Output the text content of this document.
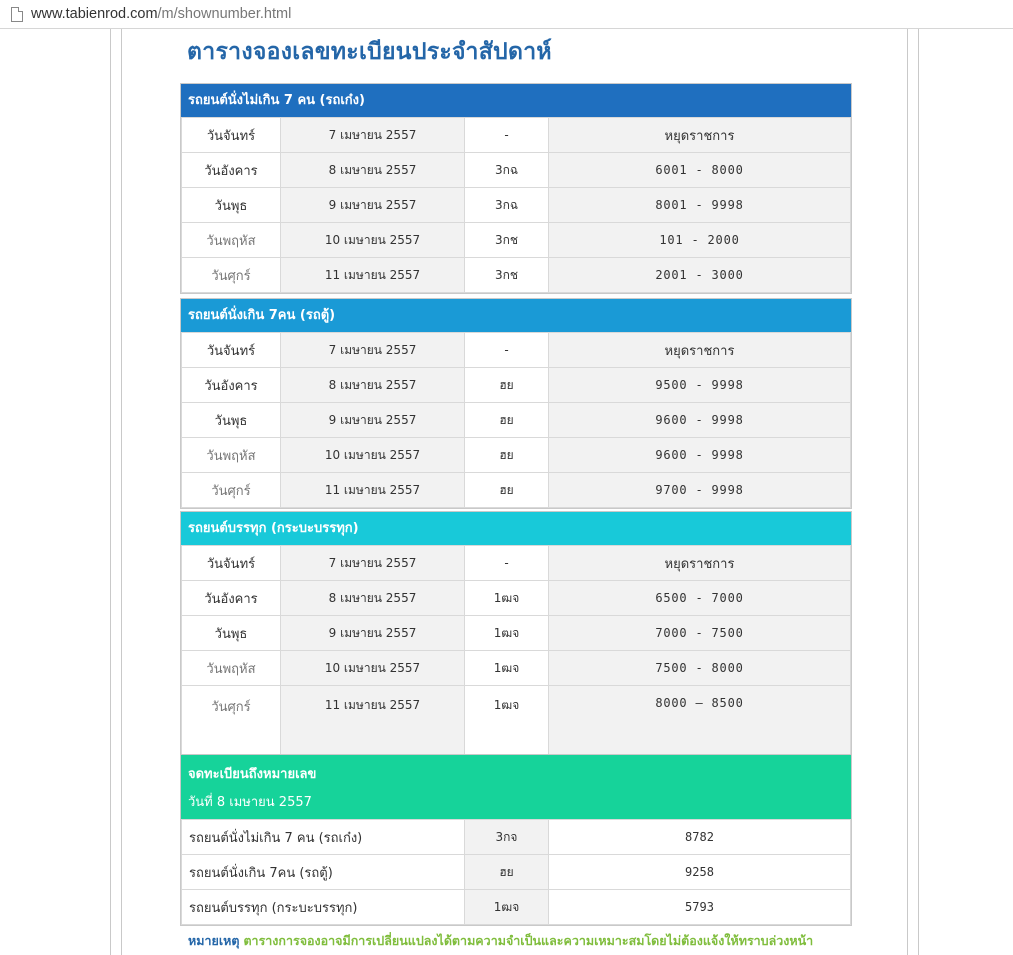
www.tabienrod.com/m/shownumber.html
ตารางจองเลขทะเบียนประจำสัปดาห์
รถยนต์นั่งไม่เกิน 7 คน (รถเก๋ง)
วันจันทร์	7 เมษายน 2557	-	หยุดราชการ
วันอังคาร	8 เมษายน 2557	3กฉ	6001 - 8000
วันพุธ	9 เมษายน 2557	3กฉ	8001 - 9998
วันพฤหัส	10 เมษายน 2557	3กช	101 - 2000
วันศุกร์	11 เมษายน 2557	3กช	2001 - 3000
รถยนต์นั่งเกิน 7คน (รถตู้)
วันจันทร์	7 เมษายน 2557	-	หยุดราชการ
วันอังคาร	8 เมษายน 2557	ฮย	9500 - 9998
วันพุธ	9 เมษายน 2557	ฮย	9600 - 9998
วันพฤหัส	10 เมษายน 2557	ฮย	9600 - 9998
วันศุกร์	11 เมษายน 2557	ฮย	9700 - 9998
รถยนต์บรรทุก (กระบะบรรทุก)
วันจันทร์	7 เมษายน 2557	-	หยุดราชการ
วันอังคาร	8 เมษายน 2557	1ฒจ	6500 - 7000
วันพุธ	9 เมษายน 2557	1ฒจ	7000 - 7500
วันพฤหัส	10 เมษายน 2557	1ฒจ	7500 - 8000
วันศุกร์	11 เมษายน 2557	1ฒจ	8000 – 8500
จดทะเบียนถึงหมายเลข
วันที่ 8 เมษายน 2557
รถยนต์นั่งไม่เกิน 7 คน (รถเก๋ง)	3กจ	8782
รถยนต์นั่งเกิน 7คน (รถตู้)	ฮย	9258
รถยนต์บรรทุก (กระบะบรรทุก)	1ฒจ	5793
หมายเหตุ ตารางการจองอาจมีการเปลี่ยนแปลงได้ตามความจำเป็นและความเหมาะสมโดยไม่ต้องแจ้งให้ทราบล่วงหน้า
